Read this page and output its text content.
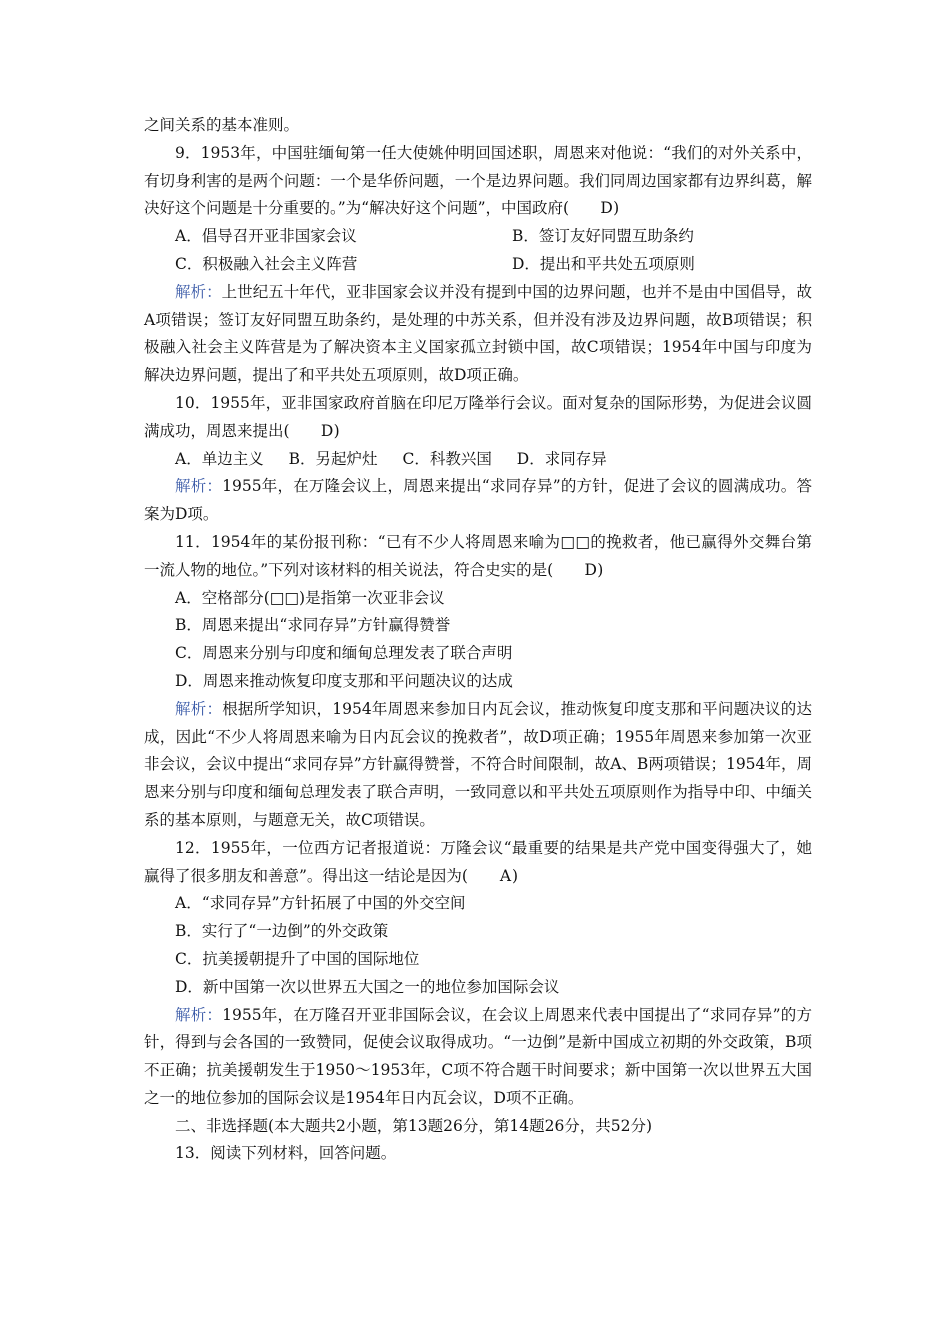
之间关系的基本准则。

9．1953年，中国驻缅甸第一任大使姚仲明回国述职，周恩来对他说：“我们的对外关系中，有切身利害的是两个问题：一个是华侨问题，一个是边界问题。我们同周边国家都有边界纠葛，解决好这个问题是十分重要的。”为“解决好这个问题”，中国政府( D)

A．倡导召开亚非国家会议	B．签订友好同盟互助条约
C．积极融入社会主义阵营	D．提出和平共处五项原则

解析：上世纪五十年代，亚非国家会议并没有提到中国的边界问题，也并不是由中国倡导，故A项错误；签订友好同盟互助条约，是处理的中苏关系，但并没有涉及边界问题，故B项错误；积极融入社会主义阵营是为了解决资本主义国家孤立封锁中国，故C项错误；1954年中国与印度为解决边界问题，提出了和平共处五项原则，故D项正确。

10．1955年，亚非国家政府首脑在印尼万隆举行会议。面对复杂的国际形势，为促进会议圆满成功，周恩来提出( D)

A．单边主义 B．另起炉灶 C．科教兴国 D．求同存异

解析：1955年，在万隆会议上，周恩来提出“求同存异”的方针，促进了会议的圆满成功。答案为D项。

11．1954年的某份报刊称：“已有不少人将周恩来喻为□□的挽救者，他已赢得外交舞台第一流人物的地位。”下列对该材料的相关说法，符合史实的是( D)

A．空格部分(□□)是指第一次亚非会议

B．周恩来提出“求同存异”方针赢得赞誉

C．周恩来分别与印度和缅甸总理发表了联合声明

D．周恩来推动恢复印度支那和平问题决议的达成

解析：根据所学知识，1954年周恩来参加日内瓦会议，推动恢复印度支那和平问题决议的达成，因此“不少人将周恩来喻为日内瓦会议的挽救者”，故D项正确；1955年周恩来参加第一次亚非会议，会议中提出“求同存异”方针赢得赞誉，不符合时间限制，故A、B两项错误；1954年，周恩来分别与印度和缅甸总理发表了联合声明，一致同意以和平共处五项原则作为指导中印、中缅关系的基本原则，与题意无关，故C项错误。

12．1955年，一位西方记者报道说：万隆会议“最重要的结果是共产党中国变得强大了，她赢得了很多朋友和善意”。得出这一结论是因为( A)

A．“求同存异”方针拓展了中国的外交空间

B．实行了“一边倒”的外交政策

C．抗美援朝提升了中国的国际地位

D．新中国第一次以世界五大国之一的地位参加国际会议

解析：1955年，在万隆召开亚非国际会议，在会议上周恩来代表中国提出了“求同存异”的方针，得到与会各国的一致赞同，促使会议取得成功。“一边倒”是新中国成立初期的外交政策，B项不正确；抗美援朝发生于1950～1953年，C项不符合题干时间要求；新中国第一次以世界五大国之一的地位参加的国际会议是1954年日内瓦会议，D项不正确。

二、非选择题(本大题共2小题，第13题26分，第14题26分，共52分)

13．阅读下列材料，回答问题。
